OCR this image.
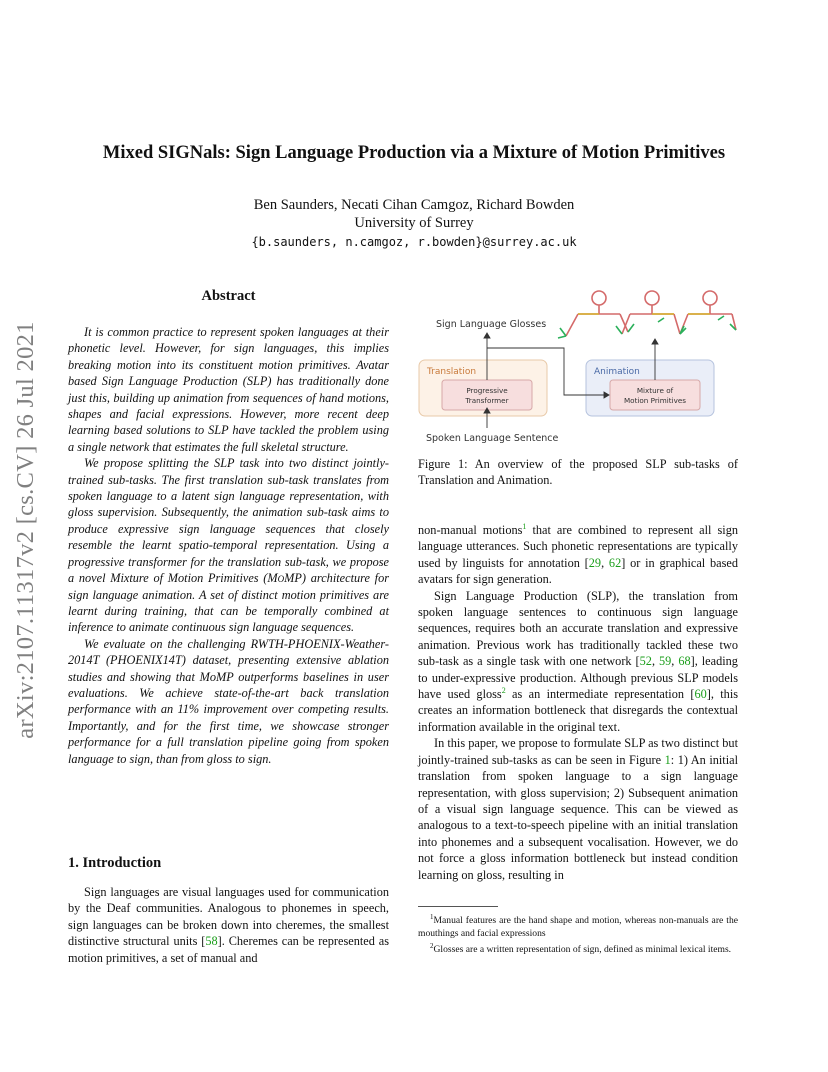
Mixed SIGNals: Sign Language Production via a Mixture of Motion Primitives
Ben Saunders, Necati Cihan Camgoz, Richard Bowden
University of Surrey
{b.saunders, n.camgoz, r.bowden}@surrey.ac.uk
arXiv:2107.11317v2 [cs.CV] 26 Jul 2021
Abstract

It is common practice to represent spoken languages at their phonetic level. However, for sign languages, this implies breaking motion into its constituent motion primitives. Avatar based Sign Language Production (SLP) has traditionally done just this, building up animation from sequences of hand motions, shapes and facial expressions. However, more recent deep learning based solutions to SLP have tackled the problem using a single network that estimates the full skeletal structure.

We propose splitting the SLP task into two distinct jointly-trained sub-tasks. The first translation sub-task translates from spoken language to a latent sign language representation, with gloss supervision. Subsequently, the animation sub-task aims to produce expressive sign language sequences that closely resemble the learnt spatio-temporal representation. Using a progressive transformer for the translation sub-task, we propose a novel Mixture of Motion Primitives (MoMP) architecture for sign language animation. A set of distinct motion primitives are learnt during training, that can be temporally combined at inference to animate continuous sign language sequences.

We evaluate on the challenging RWTH-PHOENIX-Weather-2014T (PHOENIX14T) dataset, presenting extensive ablation studies and showing that MoMP outperforms baselines in user evaluations. We achieve state-of-the-art back translation performance with an 11% improvement over competing results. Importantly, and for the first time, we showcase stronger performance for a full translation pipeline going from spoken language to sign, than from gloss to sign.

1. Introduction

Sign languages are visual languages used for communication by the Deaf communities. Analogous to phonemes in speech, sign languages can be broken down into cheremes, the smallest distinctive structural units [58]. Cheremes can be represented as motion primitives, a set of manual and

Sign Language Glosses
Translation
Progressive
Transformer
Animation
Mixture of
Motion Primitives
Spoken Language Sentence
Figure 1: An overview of the proposed SLP sub-tasks of Translation and Animation.

non-manual motions$^1$ that are combined to represent all sign language utterances. Such phonetic representations are typically used by linguists for annotation [29, 62] or in graphical based avatars for sign generation.

Sign Language Production (SLP), the translation from spoken language sentences to continuous sign language sequences, requires both an accurate translation and expressive animation. Previous work has traditionally tackled these two sub-task as a single task with one network [52, 59, 68], leading to under-expressive production. Although previous SLP models have used gloss$^2$ as an intermediate representation [60], this creates an information bottleneck that disregards the contextual information available in the original text.

In this paper, we propose to formulate SLP as two distinct but jointly-trained sub-tasks as can be seen in Figure 1: 1) An initial translation from spoken language to a sign language representation, with gloss supervision; 2) Subsequent animation of a visual sign language sequence. This can be viewed as analogous to a text-to-speech pipeline with an initial translation into phonemes and a subsequent vocalisation. However, we do not force a gloss information bottleneck but instead condition learning on gloss, resulting in

$^1$Manual features are the hand shape and motion, whereas non-manuals are the mouthings and facial expressions

$^2$Glosses are a written representation of sign, defined as minimal lexical items.
